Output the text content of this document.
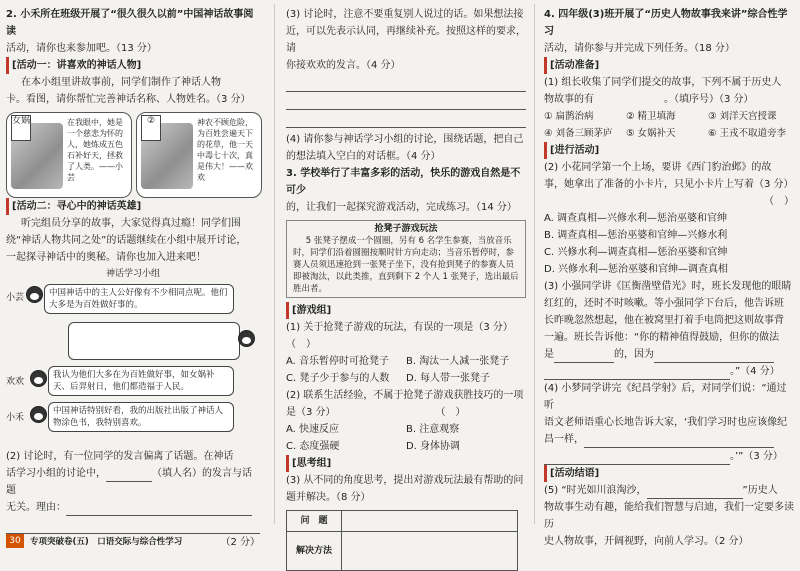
2. 小禾所在班级开展了“很久很久以前”中国神话故事阅读
活动，请你也来参加吧。（13 分）
[活动一：讲喜欢的神话人物]
在本小组里讲故事前，同学们制作了神话人物
卡。看图，请你帮忙完善神话名称、人物姓名。（3 分）
女娲	在我眼中，她是一个慈悲为怀的人，她炼成五色石补好天，拯救了人类。——小芸
②	神农不顾危险，为百姓尝遍天下的花草，他一天中毒七十次，真是伟大！——欢欢
[活动二：寻心中的神话英雄]
听完组员分享的故事，大家觉得真过瘾！同学们围
绕“神话人物共同之处”的话题继续在小组中展开讨论，
一起探寻神话中的奥秘。请你也加入进来吧！
神话学习小组
小芸	中国神话中的主人公好像有不少相同点呢。他们大多是为百姓做好事的。
欢欢
我认为他们大多在为百姓做好事，如女娲补天、后羿射日，他们都造福于人民。
小禾
中国神话特别好看，我的出版社出版了神话人物涂色书，我特别喜欢。
(2) 讨论时，有一位同学的发言偏离了话题。在神话
话学习小组的讨论中，	（填人名）的发言与话题
无关。理由：
（2 分）
(3) 讨论时，注意不要重复别人说过的话。如果想法接
近，可以先表示认同，再继续补充。按照这样的要求，请
你接欢欢的发言。（4 分）
(4) 请你参与神话学习小组的讨论，围绕话题，把自己
的想法填入空白的对话框。（4 分）
3. 学校举行了丰富多彩的活动，快乐的游戏自然是不可少
的，让我们一起探究游戏活动，完成练习。（14 分）
抢凳子游戏玩法
5 张凳子摆成一个圆圈，另有 6 名学生参赛，当放音乐时，同学们沿着圆圈按顺时针方向走动；当音乐暂停时，参赛人员须迅速抢到一张凳子坐下，没有抢到凳子的参赛人员即被淘汰，以此类推，直到剩下 2 个人 1 张凳子，选出最后胜出者。
[游戏组]
(1) 关于抢凳子游戏的玩法，有误的一项是（3 分）（　）
A. 音乐暂停时可抢凳子	B. 淘汰一人减一张凳子
C. 凳子少于参与的人数	D. 每人带一张凳子
(2) 联系生活经验，不属于抢凳子游戏获胜技巧的一项
是（3 分）　　　　　　　　　　　（　）
A. 快速反应	B. 注意观察
C. 态度强硬	D. 身体协调
[思考组]
(3) 从不同的角度思考，提出对游戏玩法最有帮助的问
题并解决。（8 分）
问　题	
解决方法	
4. 四年级(3)班开展了“历史人物故事我来讲”综合性学习
活动，请你参与并完成下列任务。（18 分）
[活动准备]
(1) 组长收集了同学们提交的故事，下列不属于历史人
物故事的有　　　　　　　。（填序号）（3 分）
① 扁鹊治病	② 精卫填海	③ 刘洋天宫授课
④ 刘备三顾茅庐	⑤ 女娲补天	⑥ 王戎不取道旁李
[进行活动]
(2) 小花同学第一个上场，要讲《西门豹治邺》的故
事，她拿出了准备的小卡片，只见小卡片上写着（3 分）
（　）
A. 调查真相—兴修水利—惩治巫婆和官绅
B. 调查真相—惩治巫婆和官绅—兴修水利
C. 兴修水利—调查真相—惩治巫婆和官绅
D. 兴修水利—惩治巫婆和官绅—调查真相
(3) 小强同学讲《匡衡凿壁借光》时，班长发现他的眼睛
红红的，还时不时咳嗽。等小强同学下台后，他告诉班
长昨晚忽然想起，他在被窝里打着手电筒把这则故事背
一遍。班长告诉他：“你的精神值得鼓励，但你的做法
是	的，因为
。”（4 分）
(4) 小梦同学讲完《纪昌学射》后，对同学们说：“通过听
语文老师语重心长地告诉大家，‘我们学习时也应该像纪
昌一样，
。’”（3 分）
[活动结语]
(5) “时光如川浪淘沙，	”历史人
物故事生动有趣，能给我们智慧与启迪，我们一定要多读历
史人物故事，开阔视野，向前人学习。（2 分）
30	专项突破卷(五)　口语交际与综合性学习
